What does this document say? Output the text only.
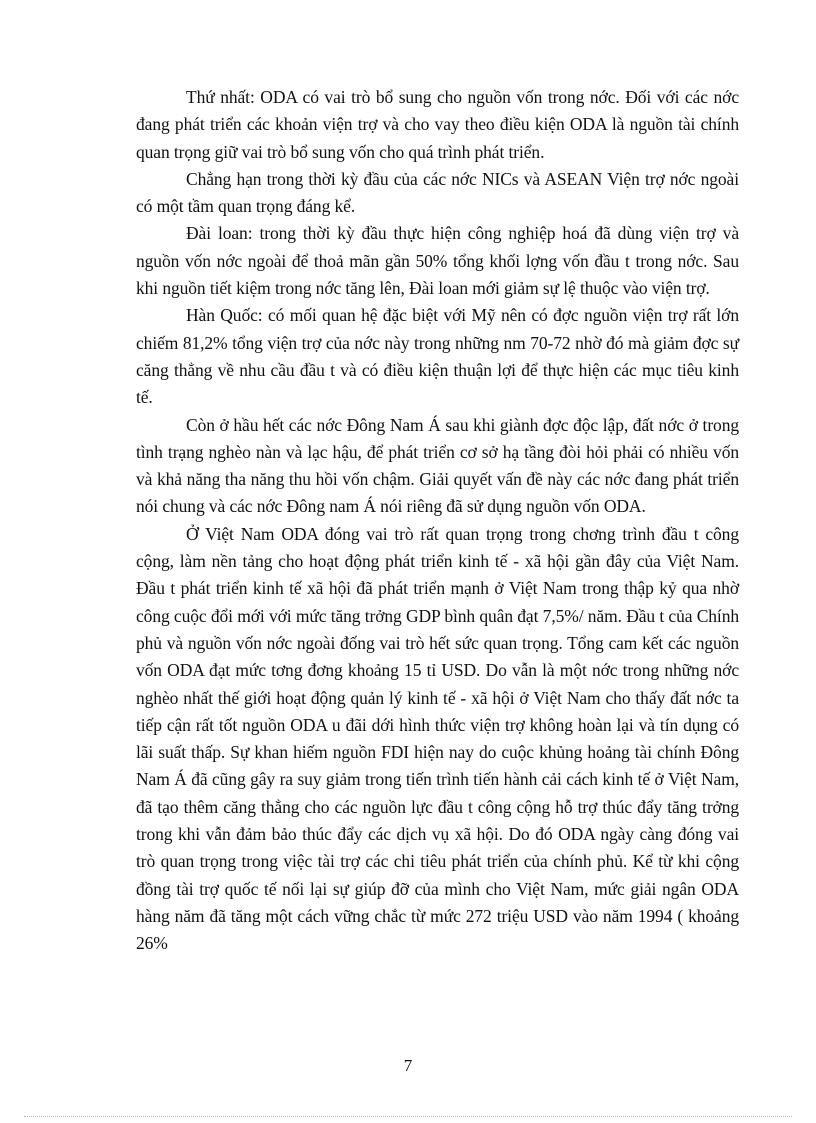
Thứ nhất: ODA có vai trò bổ sung cho nguồn vốn trong nớc. Đối với các nớc đang phát triển các khoản viện trợ và cho vay theo điều kiện ODA là nguồn tài chính quan trọng giữ vai trò bổ sung vốn cho quá trình phát triển.

Chẳng hạn trong thời kỳ đầu của các nớc NICs và ASEAN Viện trợ nớc ngoài có một tầm quan trọng đáng kể.

Đài loan: trong thời kỳ đầu thực hiện công nghiệp hoá đã dùng viện trợ và nguồn vốn nớc ngoài để thoả mãn gần 50% tổng khối lợng vốn đầu t trong nớc. Sau khi nguồn tiết kiệm trong nớc tăng lên, Đài loan mới giảm sự lệ thuộc vào viện trợ.

Hàn Quốc: có mối quan hệ đặc biệt với Mỹ nên có đợc nguồn viện trợ rất lớn chiếm 81,2% tổng viện trợ của nớc này trong những nm 70-72 nhờ đó mà giảm đợc sự căng thẳng về nhu cầu đầu t và có điều kiện thuận lợi để thực hiện các mục tiêu kinh tế.

Còn ở hầu hết các nớc Đông Nam Á sau khi giành đợc độc lập, đất nớc ở trong tình trạng nghèo nàn và lạc hậu, để phát triển cơ sở hạ tầng đòi hỏi phải có nhiều vốn và khả năng tha năng thu hồi vốn chậm. Giải quyết vấn đề này các nớc đang phát triển nói chung và các nớc Đông nam Á nói riêng đã sử dụng nguồn vốn ODA.

Ở Việt Nam ODA đóng vai trò rất quan trọng trong chơng trình đầu t công cộng, làm nền tảng cho hoạt động phát triển kinh tế - xã hội gần đây của Việt Nam. Đầu t phát triển kinh tế xã hội đã phát triển mạnh ở Việt Nam trong thập kỷ qua nhờ công cuộc đổi mới với mức tăng trởng GDP bình quân đạt 7,5%/ năm. Đầu t của Chính phủ và nguồn vốn nớc ngoài đống vai trò hết sức quan trọng. Tổng cam kết các nguồn vốn ODA đạt mức tơng đơng khoảng 15 tỉ USD. Do vẫn là một nớc trong những nớc nghèo nhất thế giới hoạt động quản lý kinh tế - xã hội ở Việt Nam cho thấy đất nớc ta tiếp cận rất tốt nguồn ODA u đãi dới hình thức viện trợ không hoàn lại và tín dụng có lãi suất thấp. Sự khan hiếm nguồn FDI hiện nay do cuộc khủng hoảng tài chính Đông Nam Á đã cũng gây ra suy giảm trong tiến trình tiến hành cải cách kinh tế ở Việt Nam, đã tạo thêm căng thẳng cho các nguồn lực đầu t công cộng hỗ trợ thúc đẩy tăng trởng trong khi vẫn đảm bảo thúc đẩy các dịch vụ xã hội. Do đó ODA ngày càng đóng vai trò quan trọng trong việc tài trợ các chi tiêu phát triển của chính phủ. Kể từ khi cộng đồng tài trợ quốc tế nối lại sự giúp đỡ của mình cho Việt Nam, mức giải ngân ODA hàng năm đã tăng một cách vững chắc từ mức 272 triệu USD vào năm 1994 ( khoảng 26%

7
